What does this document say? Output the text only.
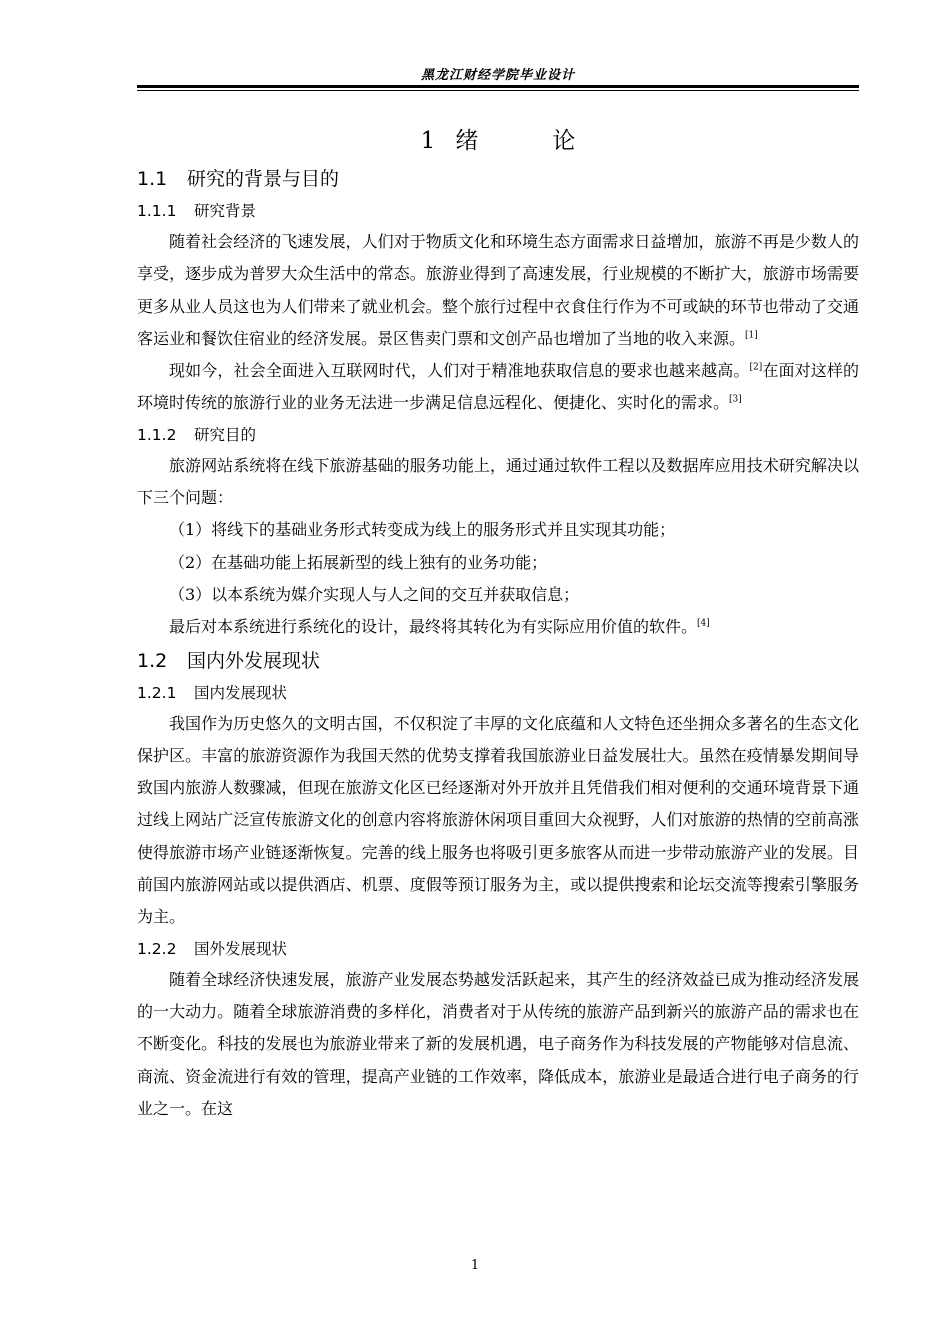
黑龙江财经学院毕业设计
1 绪	论
1.1 研究的背景与目的
1.1.1 研究背景

随着社会经济的飞速发展，人们对于物质文化和环境生态方面需求日益增加，旅游不再是少数人的享受，逐步成为普罗大众生活中的常态。旅游业得到了高速发展，行业规模的不断扩大，旅游市场需要更多从业人员这也为人们带来了就业机会。整个旅行过程中衣食住行作为不可或缺的环节也带动了交通客运业和餐饮住宿业的经济发展。景区售卖门票和文创产品也增加了当地的收入来源。[1]

现如今，社会全面进入互联网时代，人们对于精准地获取信息的要求也越来越高。[2]在面对这样的环境时传统的旅游行业的业务无法进一步满足信息远程化、便捷化、实时化的需求。[3]

1.1.2 研究目的

旅游网站系统将在线下旅游基础的服务功能上，通过通过软件工程以及数据库应用技术研究解决以下三个问题：

（1）将线下的基础业务形式转变成为线上的服务形式并且实现其功能；

（2）在基础功能上拓展新型的线上独有的业务功能；

（3）以本系统为媒介实现人与人之间的交互并获取信息；

最后对本系统进行系统化的设计，最终将其转化为有实际应用价值的软件。[4]

1.2 国内外发展现状
1.2.1 国内发展现状

我国作为历史悠久的文明古国，不仅积淀了丰厚的文化底蕴和人文特色还坐拥众多著名的生态文化保护区。丰富的旅游资源作为我国天然的优势支撑着我国旅游业日益发展壮大。虽然在疫情暴发期间导致国内旅游人数骤减，但现在旅游文化区已经逐渐对外开放并且凭借我们相对便利的交通环境背景下通过线上网站广泛宣传旅游文化的创意内容将旅游休闲项目重回大众视野，人们对旅游的热情的空前高涨使得旅游市场产业链逐渐恢复。完善的线上服务也将吸引更多旅客从而进一步带动旅游产业的发展。目前国内旅游网站或以提供酒店、机票、度假等预订服务为主，或以提供搜索和论坛交流等搜索引擎服务为主。

1.2.2 国外发展现状

随着全球经济快速发展，旅游产业发展态势越发活跃起来，其产生的经济效益已成为推动经济发展的一大动力。随着全球旅游消费的多样化，消费者对于从传统的旅游产品到新兴的旅游产品的需求也在不断变化。科技的发展也为旅游业带来了新的发展机遇，电子商务作为科技发展的产物能够对信息流、商流、资金流进行有效的管理，提高产业链的工作效率，降低成本，旅游业是最适合进行电子商务的行业之一。在这

1
